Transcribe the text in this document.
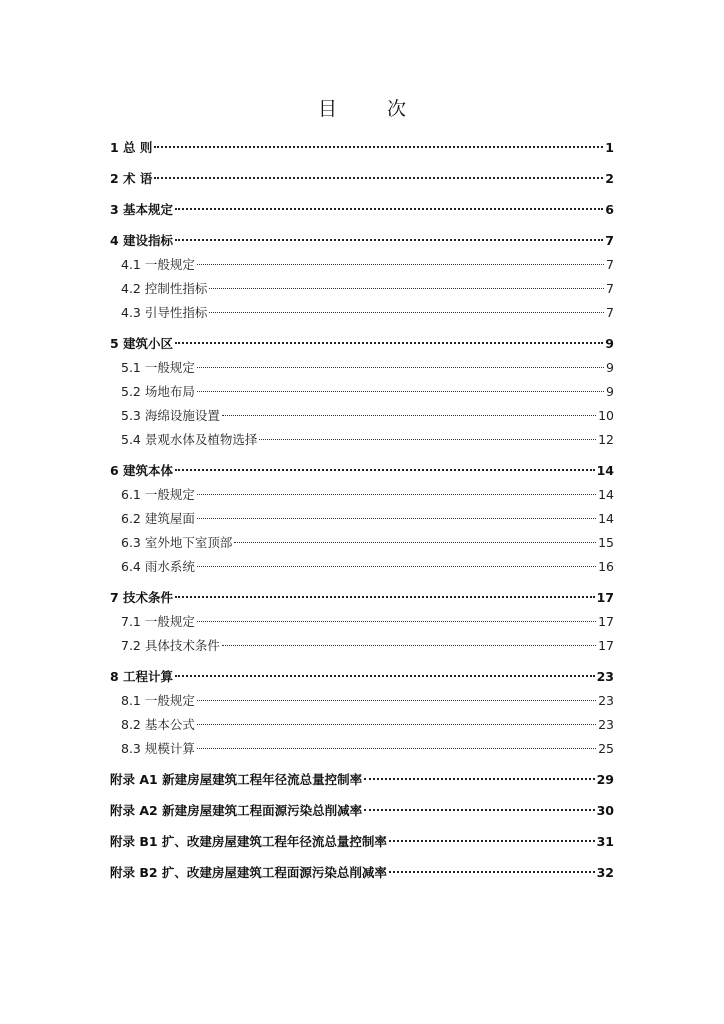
目 次
1 总 则	1
2 术 语	2
3 基本规定	6
4 建设指标	7
4.1 一般规定	7
4.2 控制性指标	7
4.3 引导性指标	7
5 建筑小区	9
5.1 一般规定	9
5.2 场地布局	9
5.3 海绵设施设置	10
5.4 景观水体及植物选择	12
6 建筑本体	14
6.1 一般规定	14
6.2 建筑屋面	14
6.3 室外地下室顶部	15
6.4 雨水系统	16
7 技术条件	17
7.1 一般规定	17
7.2 具体技术条件	17
8 工程计算	23
8.1 一般规定	23
8.2 基本公式	23
8.3 规模计算	25
附录 A1 新建房屋建筑工程年径流总量控制率	29
附录 A2 新建房屋建筑工程面源污染总削减率	30
附录 B1 扩、改建房屋建筑工程年径流总量控制率	31
附录 B2 扩、改建房屋建筑工程面源污染总削减率	32
